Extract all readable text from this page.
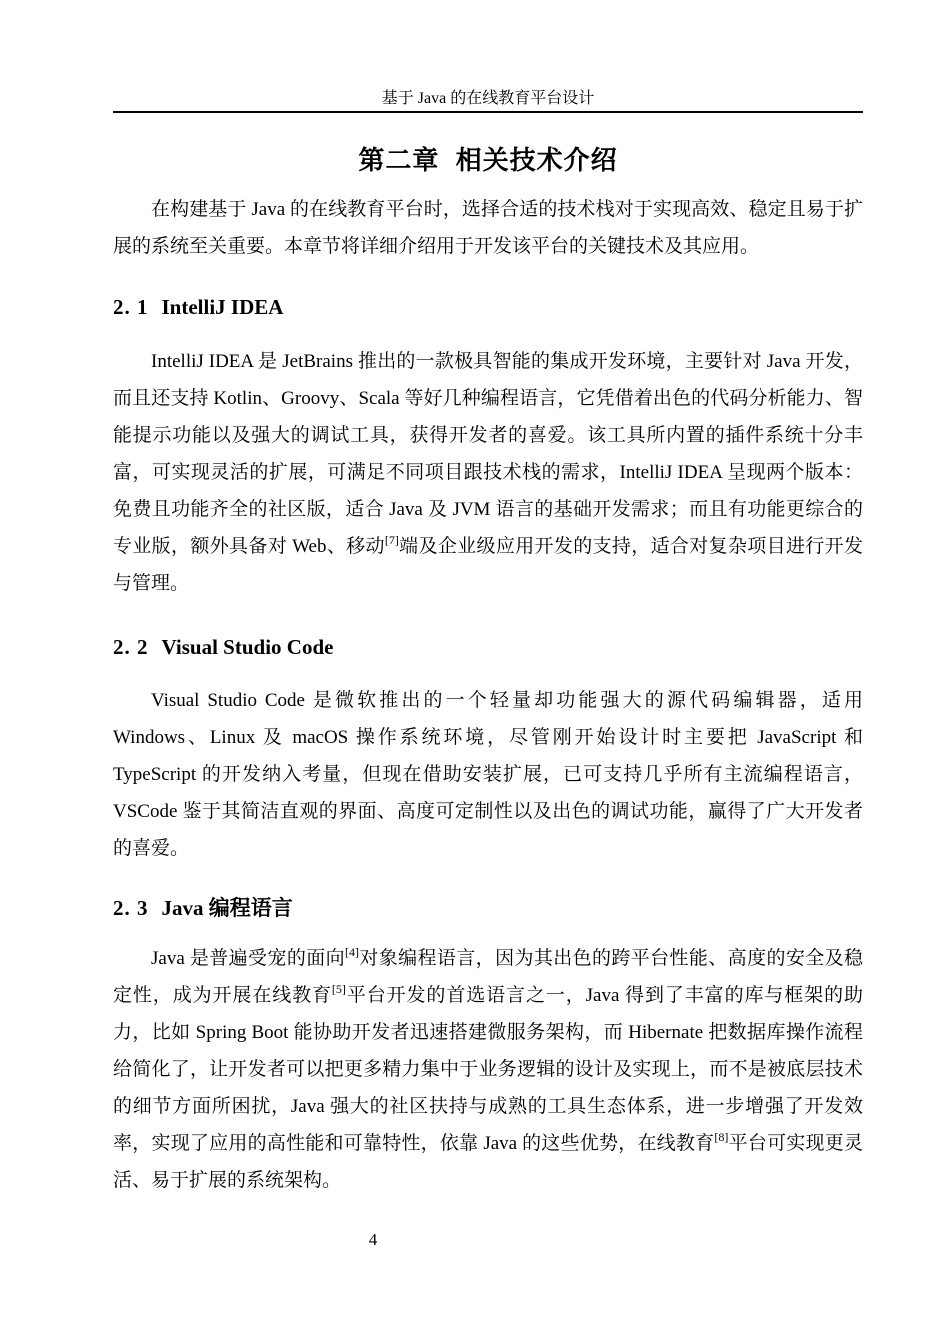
基于 Java 的在线教育平台设计
第二章 相关技术介绍

在构建基于 Java 的在线教育平台时，选择合适的技术栈对于实现高效、稳定且易于扩展的系统至关重要。本章节将详细介绍用于开发该平台的关键技术及其应用。

2. 1 IntelliJ IDEA

IntelliJ IDEA 是 JetBrains 推出的一款极具智能的集成开发环境，主要针对 Java 开发，而且还支持 Kotlin、Groovy、Scala 等好几种编程语言，它凭借着出色的代码分析能力、智能提示功能以及强大的调试工具，获得开发者的喜爱。该工具所内置的插件系统十分丰富，可实现灵活的扩展，可满足不同项目跟技术栈的需求，IntelliJ IDEA 呈现两个版本：免费且功能齐全的社区版，适合 Java 及 JVM 语言的基础开发需求；而且有功能更综合的专业版，额外具备对 Web、移动[7]端及企业级应用开发的支持，适合对复杂项目进行开发与管理。

2. 2 Visual Studio Code

Visual Studio Code 是微软推出的一个轻量却功能强大的源代码编辑器，适用 Windows、Linux 及 macOS 操作系统环境，尽管刚开始设计时主要把 JavaScript 和 TypeScript 的开发纳入考量，但现在借助安装扩展，已可支持几乎所有主流编程语言，VSCode 鉴于其简洁直观的界面、高度可定制性以及出色的调试功能，赢得了广大开发者的喜爱。

2. 3 Java 编程语言

Java 是普遍受宠的面向[4]对象编程语言，因为其出色的跨平台性能、高度的安全及稳定性，成为开展在线教育[5]平台开发的首选语言之一，Java 得到了丰富的库与框架的助力，比如 Spring Boot 能协助开发者迅速搭建微服务架构，而 Hibernate 把数据库操作流程给简化了，让开发者可以把更多精力集中于业务逻辑的设计及实现上，而不是被底层技术的细节方面所困扰，Java 强大的社区扶持与成熟的工具生态体系，进一步增强了开发效率，实现了应用的高性能和可靠特性，依靠 Java 的这些优势，在线教育[8]平台可实现更灵活、易于扩展的系统架构。

4
